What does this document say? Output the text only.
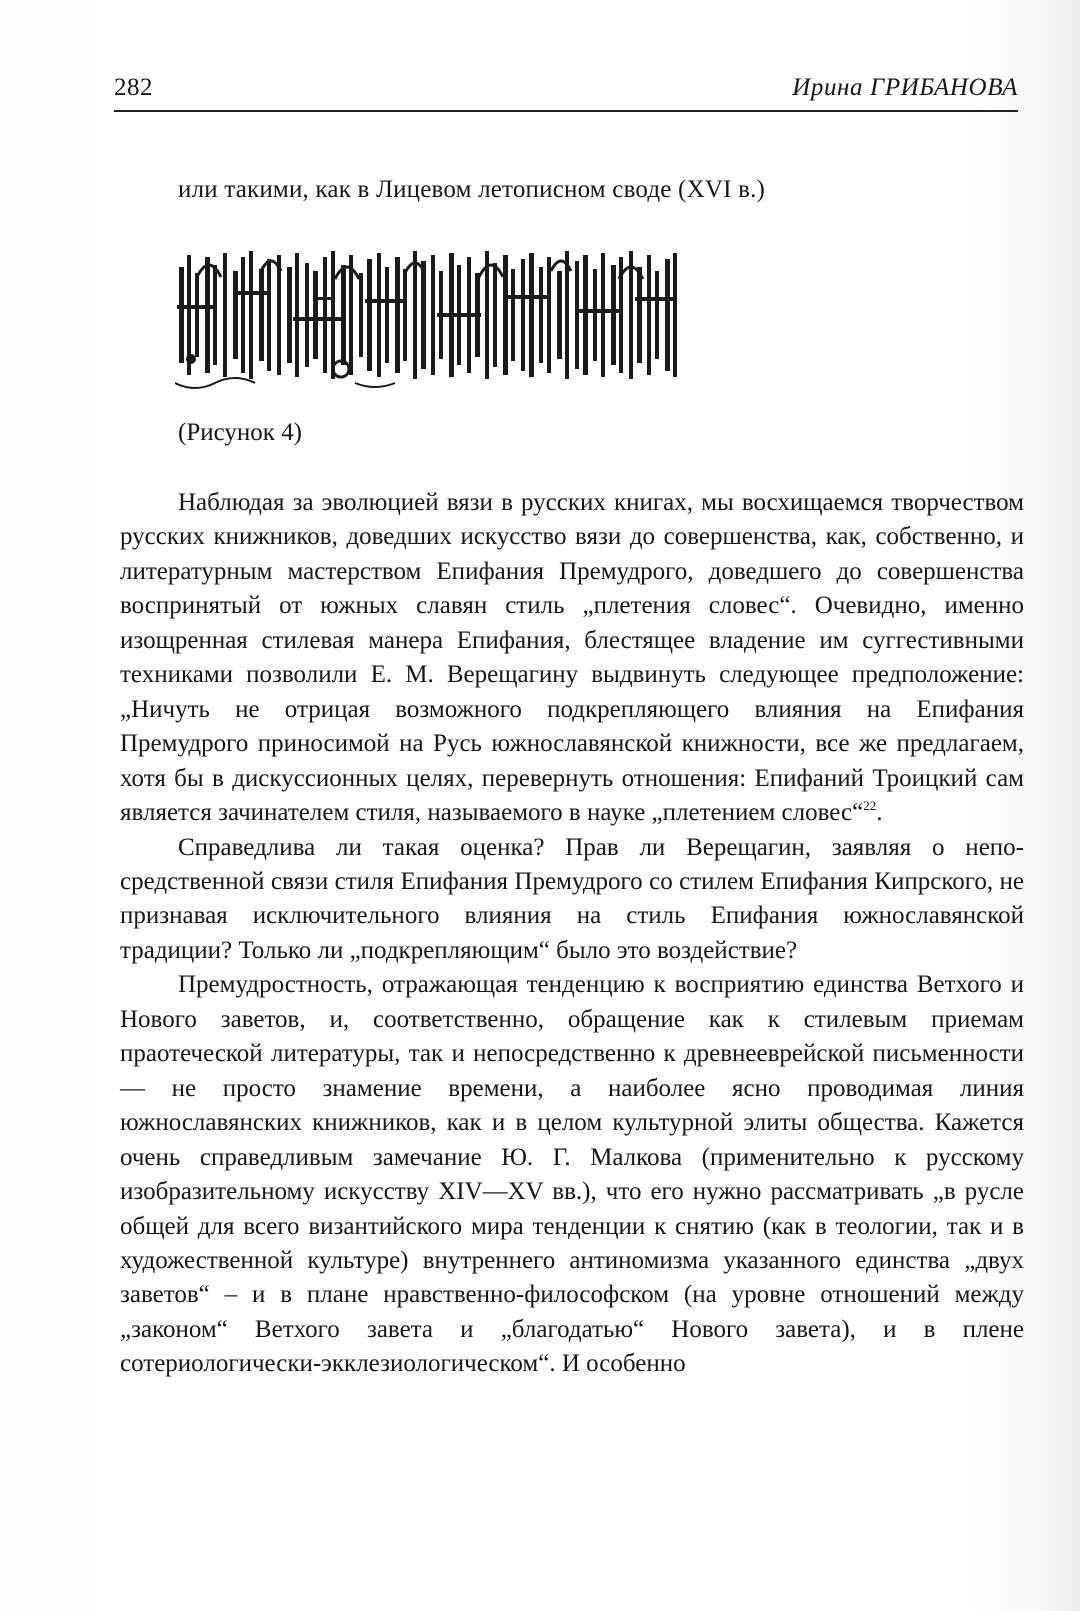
282	Ирина ГРИБАНОВА
или такими, как в Лицевом летописном своде (XVI в.)
(Рисунок 4)

Наблюдая за эволюцией вязи в русских книгах, мы восхищаемся творчеством русских книжников, доведших искусство вязи до совершенства, как, собственно, и литературным мастерством Епифания Премудрого, доведшего до совершенства воспринятый от южных славян стиль „плетения словес“. Очевидно, именно изощренная стилевая манера Епифания, блестящее владение им суггестивными техниками позволили Е. М. Верещагину выдвинуть следующее предположение: „Ничуть не отрицая возможного подкрепляющего влияния на Епифания Премудрого приносимой на Русь южнославянской книжности, все же предлагаем, хотя бы в дискуссионных целях, перевернуть отношения: Епифаний Троицкий сам является зачинателем стиля, называемого в науке „плетением словес“$^{22}$.

Справедлива ли такая оценка? Прав ли Верещагин, заявляя о непосредственной связи стиля Епифания Премудрого со стилем Епифания Кипрского, не признавая исключительного влияния на стиль Епифания южнославянской традиции? Только ли „подкрепляющим“ было это воздействие?

Премудростность, отражающая тенденцию к восприятию единства Ветхого и Нового заветов, и, соответственно, обращение как к стилевым приемам праотеческой литературы, так и непосредственно к древнееврейской письменности — не просто знамение времени, а наиболее ясно проводимая линия южнославянских книжников, как и в целом культурной элиты общества. Кажется очень справедливым замечание Ю. Г. Малкова (применительно к русскому изобразительному искусству XIV—XV вв.), что его нужно рассматривать „в русле общей для всего византийского мира тенденции к снятию (как в теологии, так и в художественной культуре) внутреннего антиномизма указанного единства „двух заветов“ – и в плане нравственно-философском (на уровне отношений между „законом“ Ветхого завета и „благодатью“ Нового завета), и в плене сотериологически-экклезиологическом“. И особенно
